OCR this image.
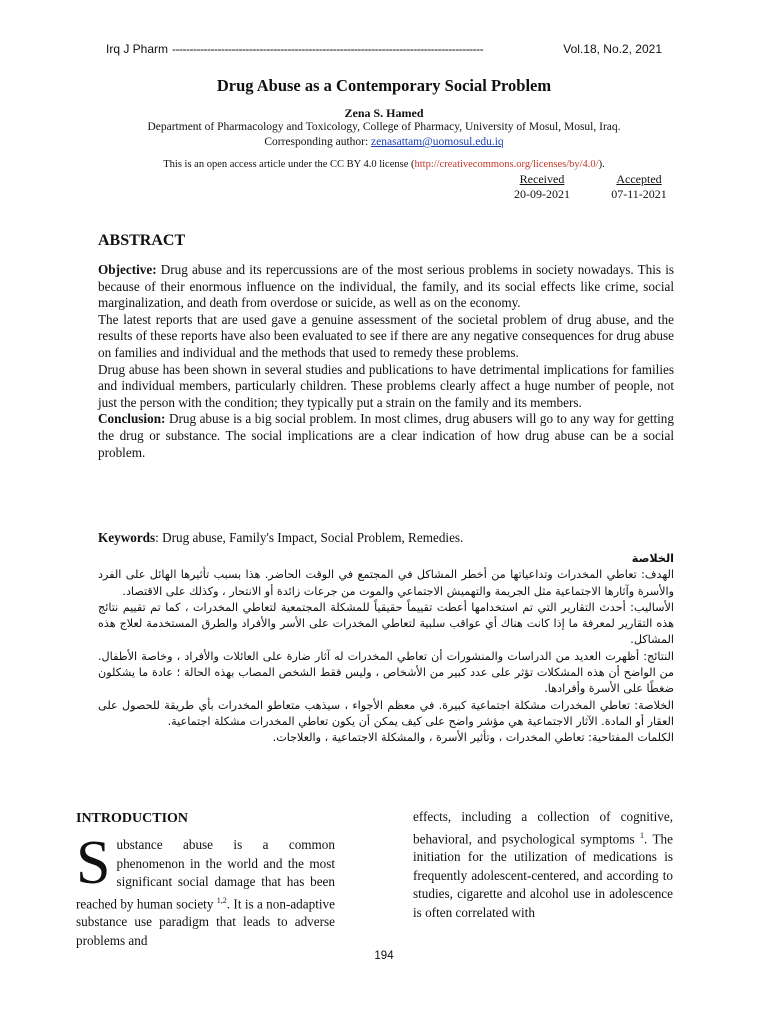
Irq J Pharm -----------------------------------------------------------------------------------------	Vol.18, No.2, 2021
Drug Abuse as a Contemporary Social Problem
Zena S. Hamed
Department of Pharmacology and Toxicology, College of Pharmacy, University of Mosul, Mosul, Iraq.
Corresponding author: zenasattam@uomosul.edu.iq
This is an open access article under the CC BY 4.0 license (http://creativecommons.org/licenses/by/4.0/).
Received
20-09-2021
Accepted
07-11-2021
ABSTRACT

Objective: Drug abuse and its repercussions are of the most serious problems in society nowadays. This is because of their enormous influence on the individual, the family, and its social effects like crime, social marginalization, and death from overdose or suicide, as well as on the economy.

The latest reports that are used gave a genuine assessment of the societal problem of drug abuse, and the results of these reports have also been evaluated to see if there are any negative consequences for drug abuse on families and individual and the methods that used to remedy these problems.

Drug abuse has been shown in several studies and publications to have detrimental implications for families and individual members, particularly children. These problems clearly affect a huge number of people, not just the person with the condition; they typically put a strain on the family and its members.

Conclusion: Drug abuse is a big social problem. In most climes, drug abusers will go to any way for getting the drug or substance. The social implications are a clear indication of how drug abuse can be a social problem.

Keywords: Drug abuse, Family's Impact, Social Problem, Remedies.

الخلاصة

الهدف: تعاطي المخدرات وتداعياتها من أخطر المشاكل في المجتمع في الوقت الحاضر. هذا بسبب تأثيرها الهائل على الفرد والأسرة وآثارها الاجتماعية مثل الجريمة والتهميش الاجتماعي والموت من جرعات زائدة أو الانتحار ، وكذلك على الاقتصاد.

الأساليب: أحدث التقارير التي تم استخدامها أعطت تقييماً حقيقياً للمشكلة المجتمعية لتعاطي المخدرات ، كما تم تقييم نتائج هذه التقارير لمعرفة ما إذا كانت هناك أي عواقب سلبية لتعاطي المخدرات على الأسر والأفراد والطرق المستخدمة لعلاج هذه المشاكل.

النتائج: أظهرت العديد من الدراسات والمنشورات أن تعاطي المخدرات له آثار ضارة على العائلات والأفراد ، وخاصة الأطفال. من الواضح أن هذه المشكلات تؤثر على عدد كبير من الأشخاص ، وليس فقط الشخص المصاب بهذه الحالة ؛ عادة ما يشكلون ضغطًا على الأسرة وأفرادها.

الخلاصة: تعاطي المخدرات مشكلة اجتماعية كبيرة. في معظم الأجواء ، سيذهب متعاطو المخدرات بأي طريقة للحصول على العقار أو المادة. الآثار الاجتماعية هي مؤشر واضح على كيف يمكن أن يكون تعاطي المخدرات مشكلة اجتماعية.

الكلمات المفتاحية: تعاطي المخدرات ، وتأثير الأسرة ، والمشكلة الاجتماعية ، والعلاجات.

INTRODUCTION
Substance abuse is a common phenomenon in the world and the most significant social damage that has been reached by human society $^{1,2}$. It is a non-adaptive substance use paradigm that leads to adverse problems and
effects, including a collection of cognitive, behavioral, and psychological symptoms $^1$. The initiation for the utilization of medications is frequently adolescent-centered, and according to studies, cigarette and alcohol use in adolescence is often correlated with
194
